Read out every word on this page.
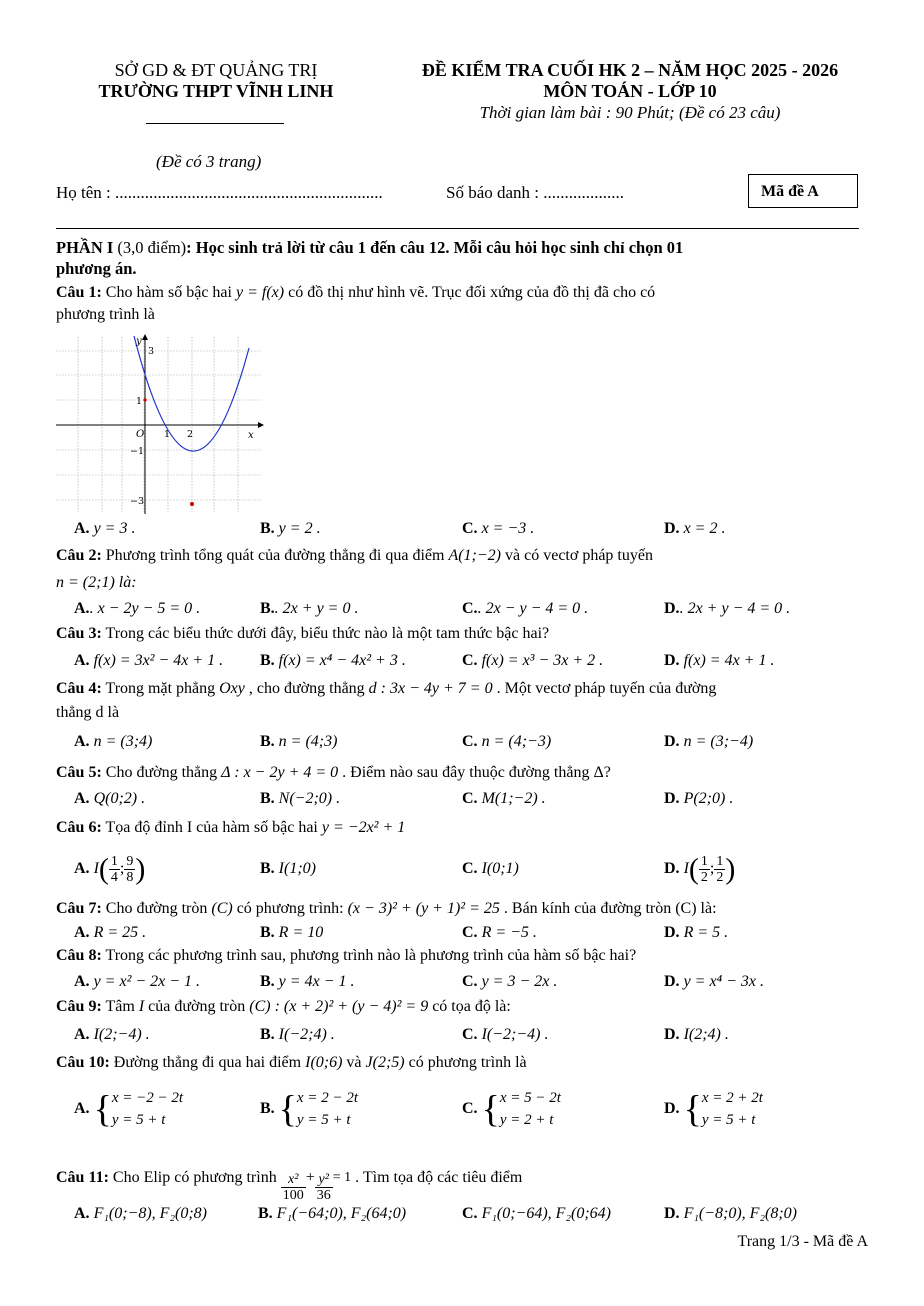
SỞ GD & ĐT QUẢNG TRỊ
TRƯỜNG THPT VĨNH LINH
ĐỀ KIỂM TRA CUỐI HK 2 – NĂM HỌC 2025 - 2026
MÔN TOÁN - LỚP 10
Thời gian làm bài : 90 Phút; (Đề có 23 câu)
(Đề có 3 trang)
Họ tên : ...............................................................	Số báo danh : ...................	Mã đề A
PHẦN I (3,0 điểm): Học sinh trả lời từ câu 1 đến câu 12. Mỗi câu hỏi học sinh chỉ chọn 01
phương án.
Câu 1: Cho hàm số bậc hai y = f(x) có đồ thị như hình vẽ. Trục đối xứng của đồ thị đã cho có
phương trình là
y
x
O 1 2
3
1
−1
−3
A. y = 3 .	B. y = 2 .	C. x = −3 .	D. x = 2 .
Câu 2: Phương trình tổng quát của đường thẳng đi qua điểm A(1;−2) và có vectơ pháp tuyến
n = (2;1) là:
A.. x − 2y − 5 = 0 .	B.. 2x + y = 0 .	C.. 2x − y − 4 = 0 .	D.. 2x + y − 4 = 0 .
Câu 3: Trong các biểu thức dưới đây, biểu thức nào là một tam thức bậc hai?
A. f(x) = 3x² − 4x + 1 . B. f(x) = x⁴ − 4x² + 3 .	C. f(x) = x³ − 3x + 2 .	D. f(x) = 4x + 1 .
Câu 4: Trong mặt phẳng Oxy , cho đường thẳng d : 3x − 4y + 7 = 0 . Một vectơ pháp tuyến của đường
thẳng d là
A. n = (3;4)	B. n = (4;3)	C. n = (4;−3)	D. n = (3;−4)
Câu 5: Cho đường thẳng Δ : x − 2y + 4 = 0 . Điểm nào sau đây thuộc đường thẳng Δ?
A. Q(0;2) .	B. N(−2;0) .	C. M(1;−2) .	D. P(2;0) .
Câu 6: Tọa độ đỉnh I của hàm số bậc hai y = −2x² + 1
A. $I( \frac{1}{4}$ ; $\frac{9}{8}$ )	B. I(1;0)	C. I(0;1)	D. $I( \frac{1}{2}$ ; $\frac{1}{2}$ )
Câu 7: Cho đường tròn (C) có phương trình: (x − 3)² + (y + 1)² = 25 . Bán kính của đường tròn (C) là:
A. R = 25 .	B. R = 10	C. R = −5 .	D. R = 5 .
Câu 8: Trong các phương trình sau, phương trình nào là phương trình của hàm số bậc hai?
A. y = x² − 2x − 1 .	B. y = 4x − 1 .	C. y = 3 − 2x .	D. y = x⁴ − 3x .
Câu 9: Tâm I của đường tròn (C) : (x + 2)² + (y − 4)² = 9 có tọa độ là:
A. I(2;−4) .	B. I(−2;4) .	C. I(−2;−4) .	D. I(2;4) .
Câu 10: Đường thẳng đi qua hai điểm I(0;6) và J(2;5) có phương trình là
A. { x = −2 − 2t
y = 5 + t
B. { x = 2 − 2t
y = 5 + t
C. { x = 5 − 2t
y = 2 + t
D. { x = 2 + 2t
y = 5 + t
Câu 11: Cho Elip có phương trình $\frac{\text{x²}}{100} + \frac{\text{y²}}{36} = 1$ . Tìm tọa độ các tiêu điểm
A. F₁(0;−8), F₂(0;8)	B. F₁(−64;0), F₂(64;0)	C. F₁(0;−64), F₂(0;64)	D. F₁(−8;0), F₂(8;0)
Trang 1/3 - Mã đề A
